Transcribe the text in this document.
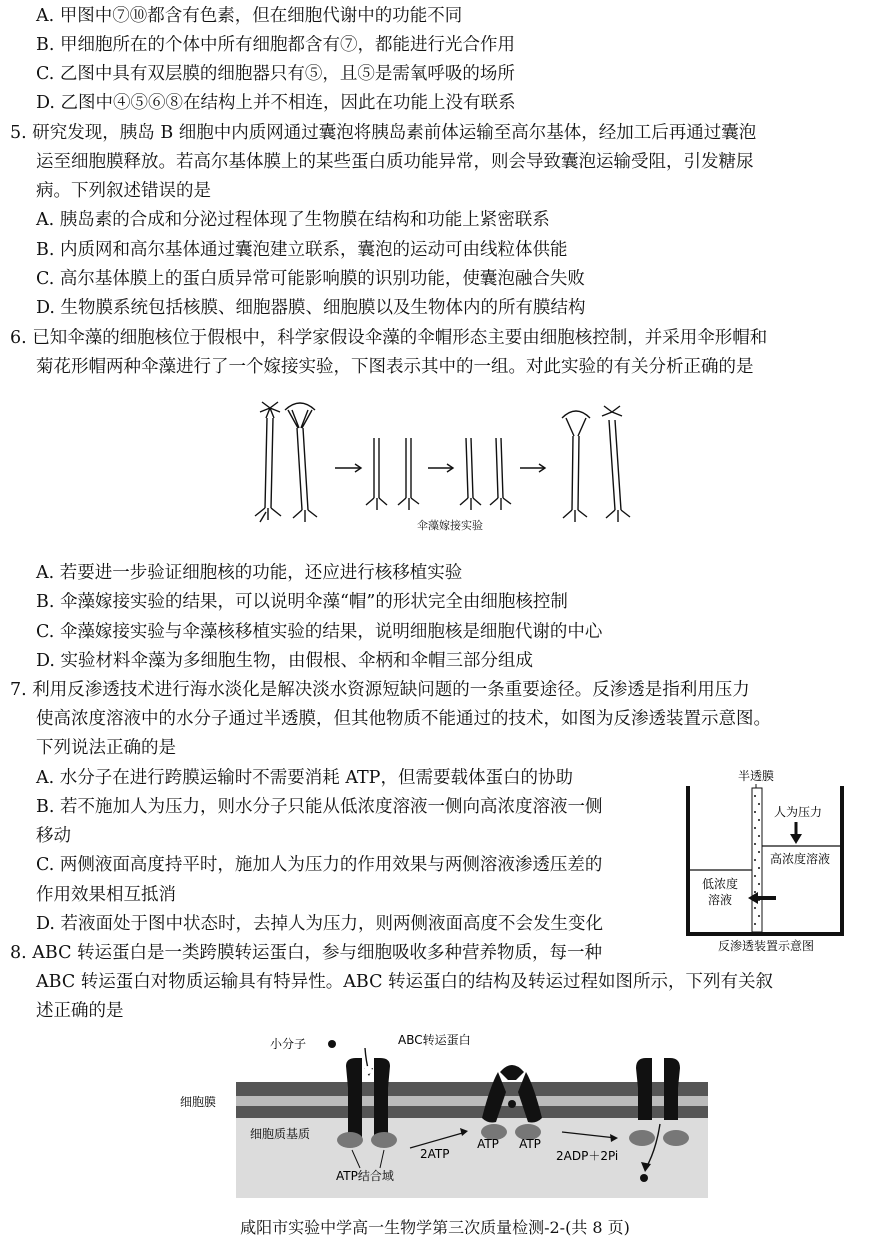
A. 甲图中⑦⑩都含有色素，但在细胞代谢中的功能不同
B. 甲细胞所在的个体中所有细胞都含有⑦，都能进行光合作用
C. 乙图中具有双层膜的细胞器只有⑤，且⑤是需氧呼吸的场所
D. 乙图中④⑤⑥⑧在结构上并不相连，因此在功能上没有联系
5. 研究发现，胰岛 B 细胞中内质网通过囊泡将胰岛素前体运输至高尔基体，经加工后再通过囊泡
运至细胞膜释放。若高尔基体膜上的某些蛋白质功能异常，则会导致囊泡运输受阻，引发糖尿
病。下列叙述错误的是
A. 胰岛素的合成和分泌过程体现了生物膜在结构和功能上紧密联系
B. 内质网和高尔基体通过囊泡建立联系，囊泡的运动可由线粒体供能
C. 高尔基体膜上的蛋白质异常可能影响膜的识别功能，使囊泡融合失败
D. 生物膜系统包括核膜、细胞器膜、细胞膜以及生物体内的所有膜结构
6. 已知伞藻的细胞核位于假根中，科学家假设伞藻的伞帽形态主要由细胞核控制，并采用伞形帽和
菊花形帽两种伞藻进行了一个嫁接实验，下图表示其中的一组。对此实验的有关分析正确的是
伞藻嫁接实验
A. 若要进一步验证细胞核的功能，还应进行核移植实验
B. 伞藻嫁接实验的结果，可以说明伞藻“帽”的形状完全由细胞核控制
C. 伞藻嫁接实验与伞藻核移植实验的结果，说明细胞核是细胞代谢的中心
D. 实验材料伞藻为多细胞生物，由假根、伞柄和伞帽三部分组成
7. 利用反渗透技术进行海水淡化是解决淡水资源短缺问题的一条重要途径。反渗透是指利用压力
使高浓度溶液中的水分子通过半透膜，但其他物质不能通过的技术，如图为反渗透装置示意图。
下列说法正确的是
A. 水分子在进行跨膜运输时不需要消耗 ATP，但需要载体蛋白的协助
B. 若不施加人为压力，则水分子只能从低浓度溶液一侧向高浓度溶液一侧
移动
C. 两侧液面高度持平时，施加人为压力的作用效果与两侧溶液渗透压差的
作用效果相互抵消
D. 若液面处于图中状态时，去掉人为压力，则两侧液面高度不会发生变化
半透膜
人为压力
高浓度溶液
低浓度
溶液
反渗透装置示意图
8. ABC 转运蛋白是一类跨膜转运蛋白，参与细胞吸收多种营养物质，每一种
ABC 转运蛋白对物质运输具有特异性。ABC 转运蛋白的结构及转运过程如图所示，下列有关叙
述正确的是
细胞膜
细胞质基质
小分子	ABC转运蛋白
2ATP
ATP ATP
2ADP＋2Pi
ATP结合域
咸阳市实验中学高一生物学第三次质量检测-2-(共 8 页)
